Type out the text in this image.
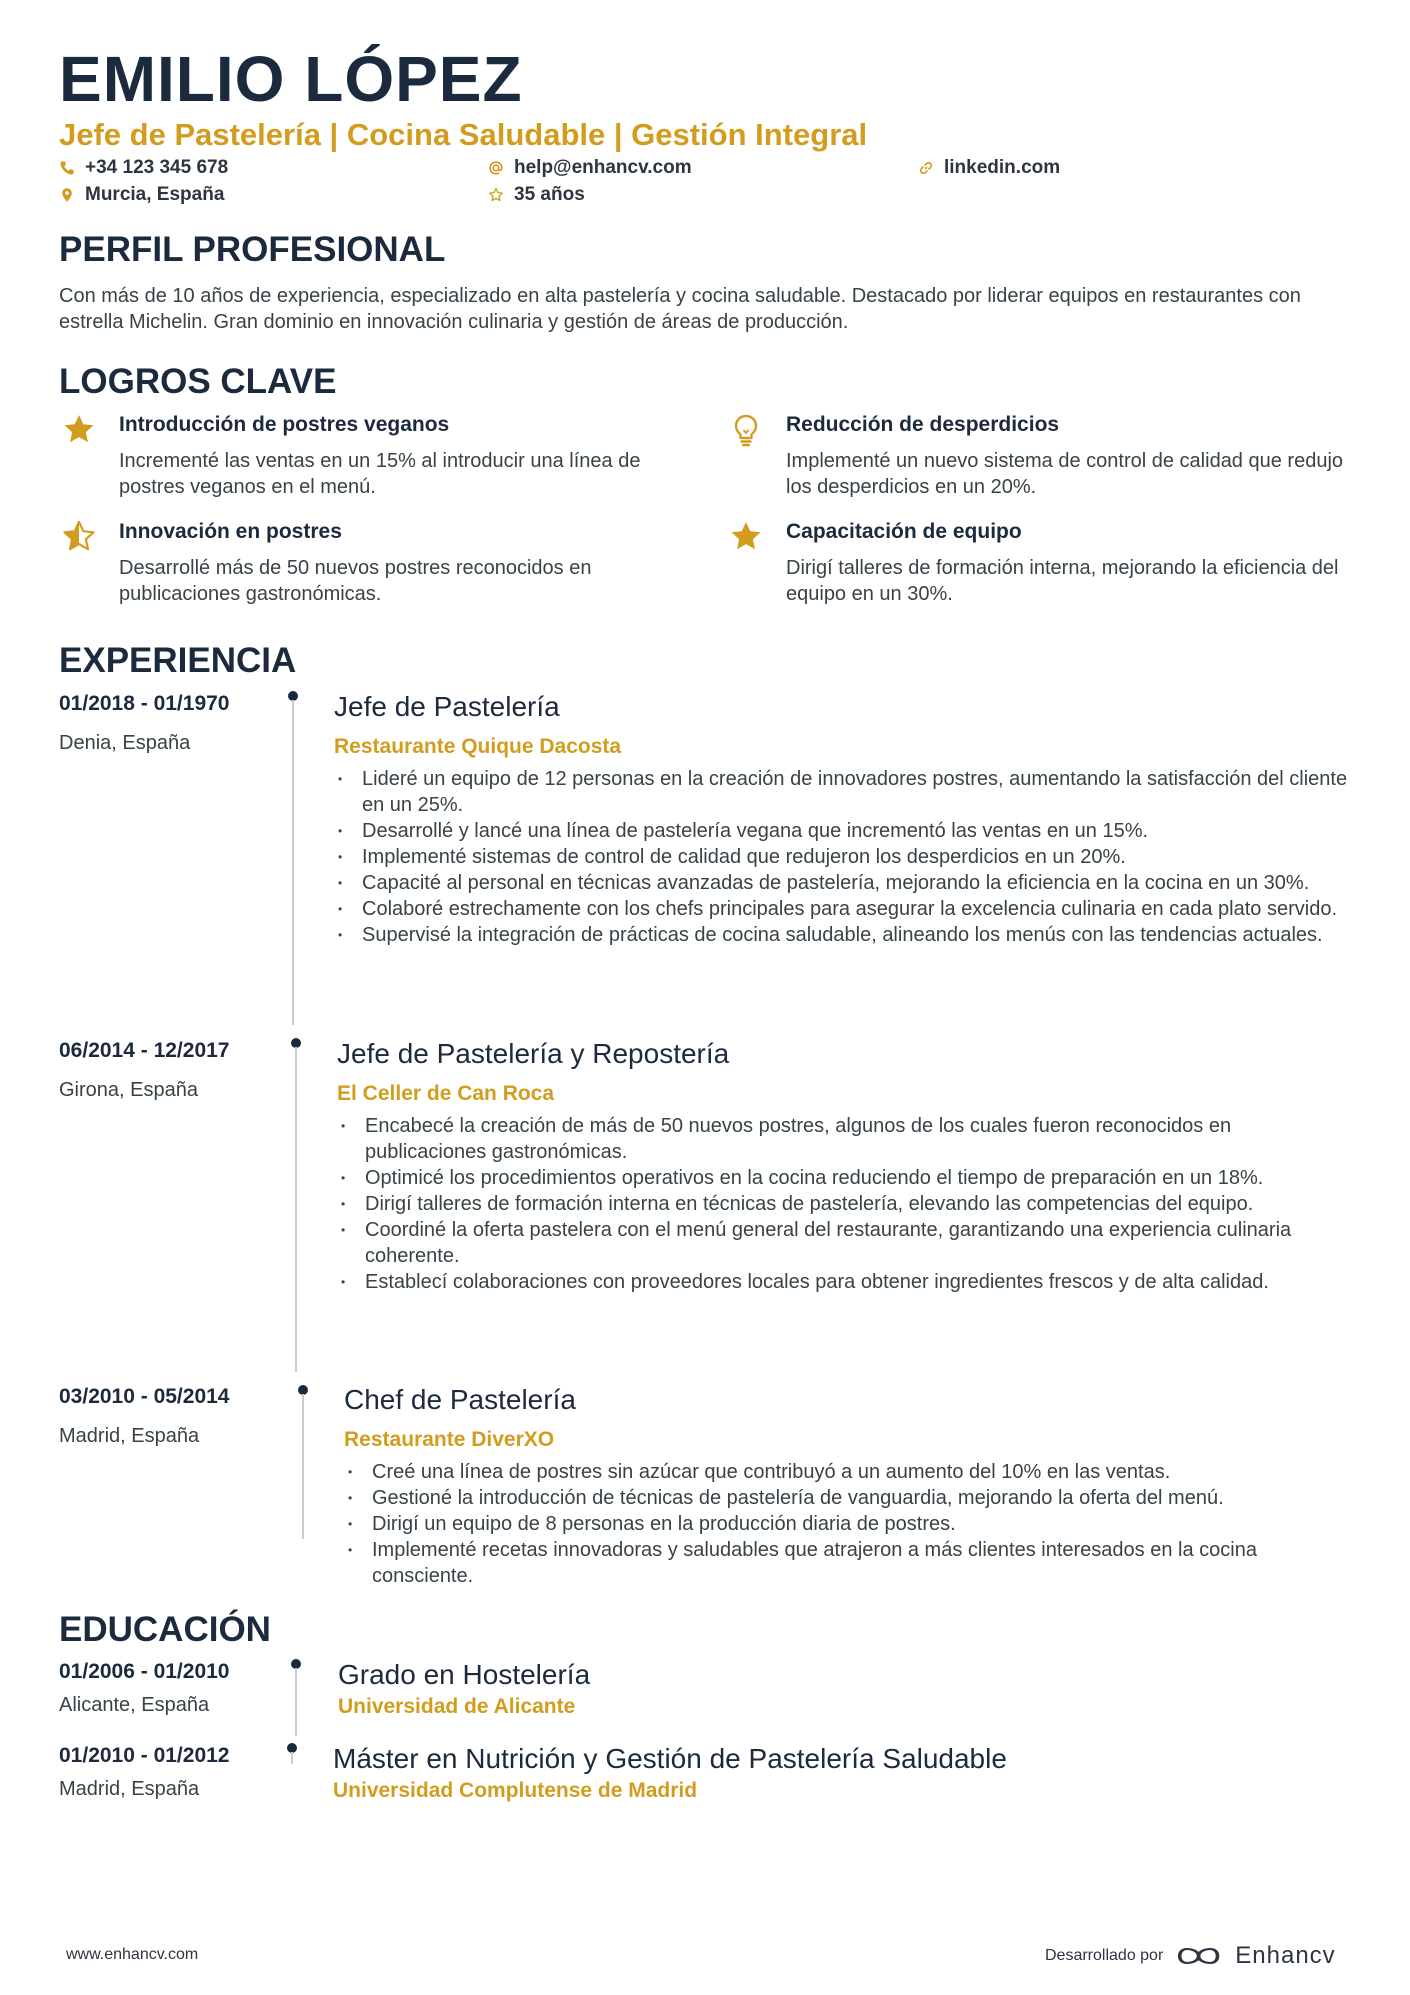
EMILIO LÓPEZ
Jefe de Pastelería | Cocina Saludable | Gestión Integral
+34 123 345 678	help@enhancv.com	linkedin.com
Murcia, España	35 años
PERFIL PROFESIONAL
Con más de 10 años de experiencia, especializado en alta pastelería y cocina saludable. Destacado por liderar equipos en restaurantes con estrella Michelin. Gran dominio en innovación culinaria y gestión de áreas de producción.
LOGROS CLAVE
Introducción de postres veganos
Incrementé las ventas en un 15% al introducir una línea de postres veganos en el menú.
Reducción de desperdicios
Implementé un nuevo sistema de control de calidad que redujo los desperdicios en un 20%.
Innovación en postres
Desarrollé más de 50 nuevos postres reconocidos en publicaciones gastronómicas.
Capacitación de equipo
Dirigí talleres de formación interna, mejorando la eficiencia del equipo en un 30%.
EXPERIENCIA
01/2018 - 01/1970
Denia, España
Jefe de Pastelería
Restaurante Quique Dacosta
• Lideré un equipo de 12 personas en la creación de innovadores postres, aumentando la satisfacción del cliente en un 25%.
• Desarrollé y lancé una línea de pastelería vegana que incrementó las ventas en un 15%.
• Implementé sistemas de control de calidad que redujeron los desperdicios en un 20%.
• Capacité al personal en técnicas avanzadas de pastelería, mejorando la eficiencia en la cocina en un 30%.
• Colaboré estrechamente con los chefs principales para asegurar la excelencia culinaria en cada plato servido.
• Supervisé la integración de prácticas de cocina saludable, alineando los menús con las tendencias actuales.
06/2014 - 12/2017
Girona, España
Jefe de Pastelería y Repostería
El Celler de Can Roca
• Encabecé la creación de más de 50 nuevos postres, algunos de los cuales fueron reconocidos en publicaciones gastronómicas.
• Optimicé los procedimientos operativos en la cocina reduciendo el tiempo de preparación en un 18%.
• Dirigí talleres de formación interna en técnicas de pastelería, elevando las competencias del equipo.
• Coordiné la oferta pastelera con el menú general del restaurante, garantizando una experiencia culinaria coherente.
• Establecí colaboraciones con proveedores locales para obtener ingredientes frescos y de alta calidad.
03/2010 - 05/2014
Madrid, España
Chef de Pastelería
Restaurante DiverXO
• Creé una línea de postres sin azúcar que contribuyó a un aumento del 10% en las ventas.
• Gestioné la introducción de técnicas de pastelería de vanguardia, mejorando la oferta del menú.
• Dirigí un equipo de 8 personas en la producción diaria de postres.
• Implementé recetas innovadoras y saludables que atrajeron a más clientes interesados en la cocina consciente.
EDUCACIÓN
01/2006 - 01/2010
Alicante, España
Grado en Hostelería
Universidad de Alicante
01/2010 - 01/2012
Madrid, España
Máster en Nutrición y Gestión de Pastelería Saludable
Universidad Complutense de Madrid
www.enhancv.com	Desarrollado por	Enhancv
